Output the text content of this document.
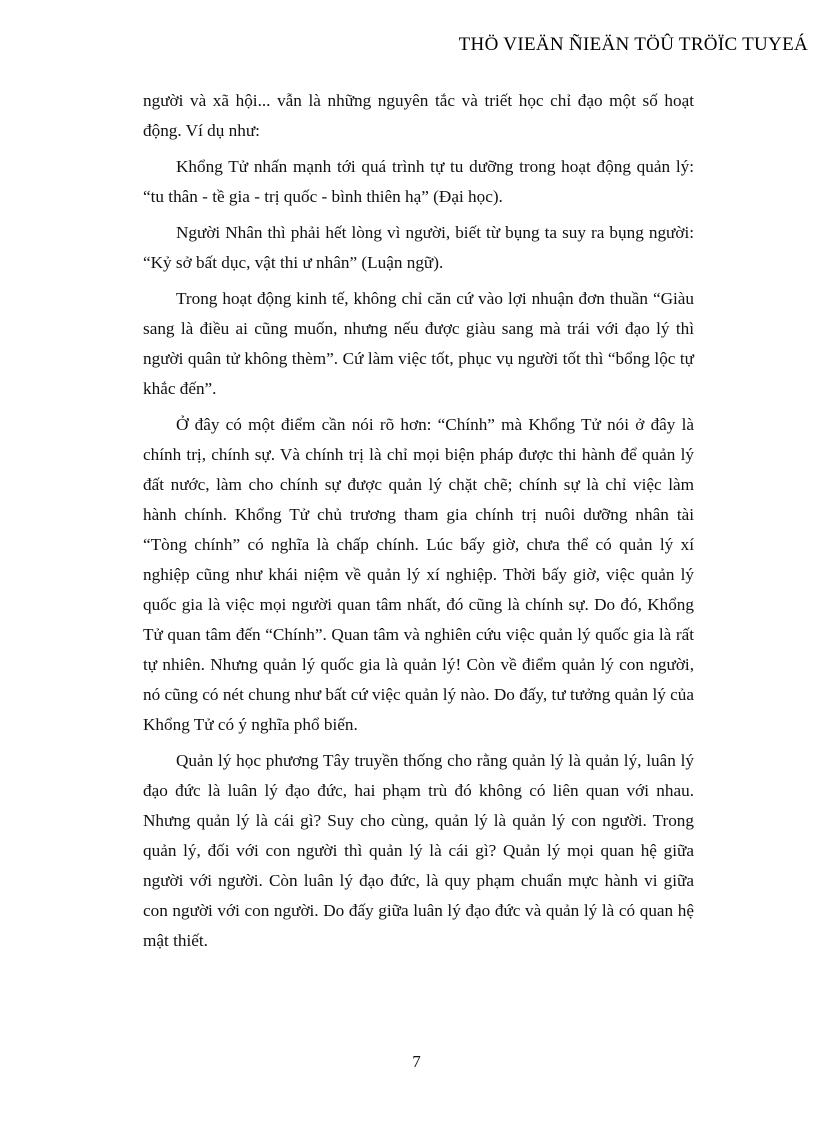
THÖ VIEÄN ÑIEÄN TÖÛ TRÖÏC TUYEÁ

người và xã hội... vẫn là những nguyên tắc và triết học chỉ đạo một số hoạt động. Ví dụ như:

Khổng Tử nhấn mạnh tới quá trình tự tu dưỡng trong hoạt động quản lý: “tu thân - tề gia - trị quốc - bình thiên hạ” (Đại học).

Người Nhân thì phải hết lòng vì người, biết từ bụng ta suy ra bụng người: “Kỷ sở bất dục, vật thi ư nhân” (Luận ngữ).

Trong hoạt động kinh tế, không chỉ căn cứ vào lợi nhuận đơn thuần “Giàu sang là điều ai cũng muốn, nhưng nếu được giàu sang mà trái với đạo lý thì người quân tử không thèm”. Cứ làm việc tốt, phục vụ người tốt thì “bổng lộc tự khắc đến”.

Ở đây có một điểm cần nói rõ hơn: “Chính” mà Khổng Tử nói ở đây là chính trị, chính sự. Và chính trị là chỉ mọi biện pháp được thi hành để quản lý đất nước, làm cho chính sự được quản lý chặt chẽ; chính sự là chỉ việc làm hành chính. Khổng Tử chủ trương tham gia chính trị nuôi dưỡng nhân tài “Tòng chính” có nghĩa là chấp chính. Lúc bấy giờ, chưa thể có quản lý xí nghiệp cũng như khái niệm về quản lý xí nghiệp. Thời bấy giờ, việc quản lý quốc gia là việc mọi người quan tâm nhất, đó cũng là chính sự. Do đó, Khổng Tử quan tâm đến “Chính”. Quan tâm và nghiên cứu việc quản lý quốc gia là rất tự nhiên. Nhưng quản lý quốc gia là quản lý! Còn về điểm quản lý con người, nó cũng có nét chung như bất cứ việc quản lý nào. Do đấy, tư tưởng quản lý của Khổng Tử có ý nghĩa phổ biến.

Quản lý học phương Tây truyền thống cho rằng quản lý là quản lý, luân lý đạo đức là luân lý đạo đức, hai phạm trù đó không có liên quan với nhau. Nhưng quản lý là cái gì? Suy cho cùng, quản lý là quản lý con người. Trong quản lý, đối với con người thì quản lý là cái gì? Quản lý mọi quan hệ giữa người với người. Còn luân lý đạo đức, là quy phạm chuẩn mực hành vi giữa con người với con người. Do đấy giữa luân lý đạo đức và quản lý là có quan hệ mật thiết.

7
